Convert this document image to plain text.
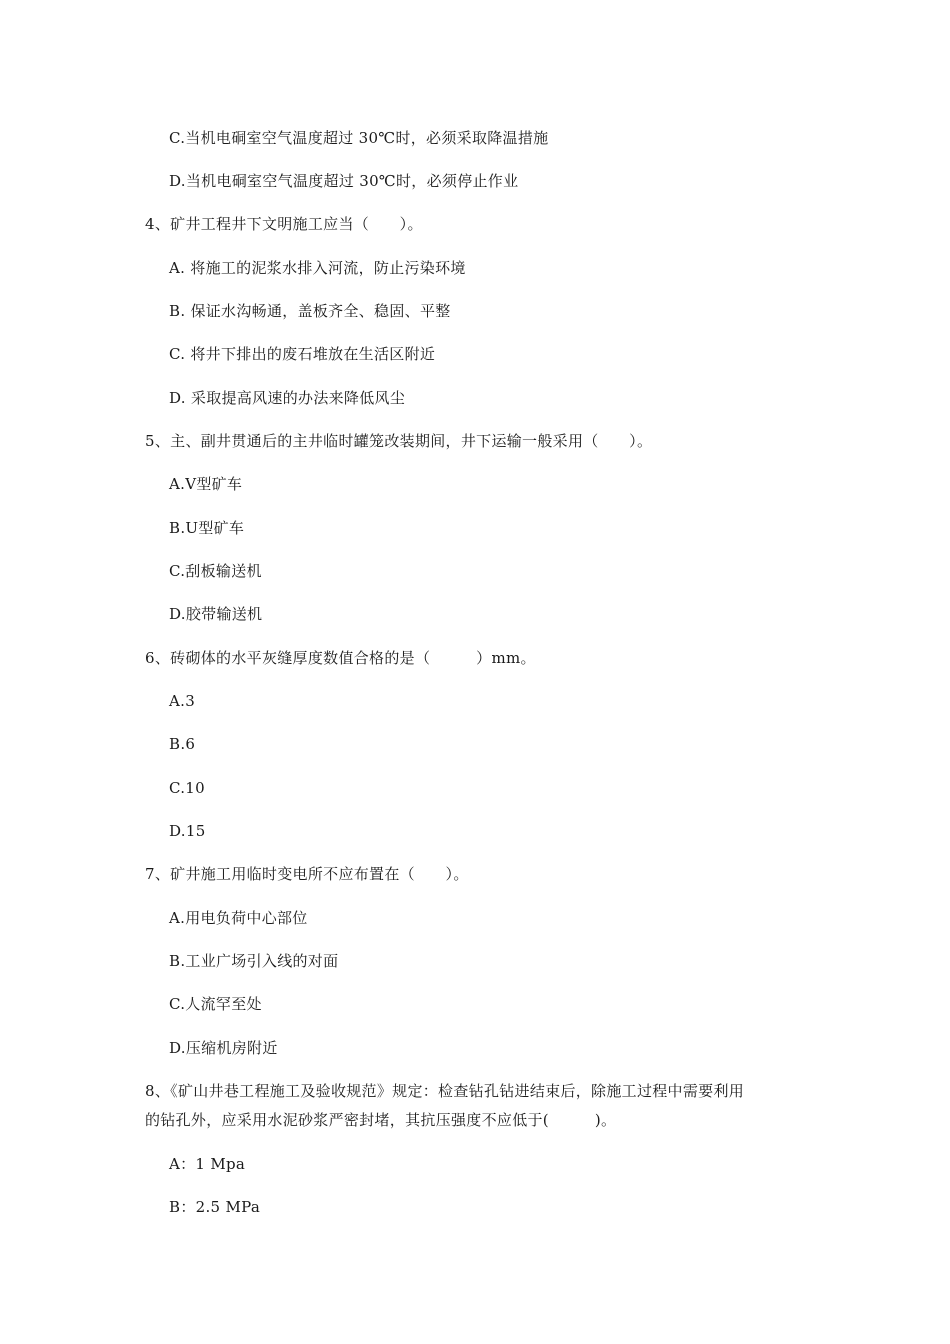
C.当机电硐室空气温度超过 30℃时，必须采取降温措施
D.当机电硐室空气温度超过 30℃时，必须停止作业
4、矿井工程井下文明施工应当（　　）。
A. 将施工的泥浆水排入河流，防止污染环境
B. 保证水沟畅通，盖板齐全、稳固、平整
C. 将井下排出的废石堆放在生活区附近
D. 采取提高风速的办法来降低风尘
5、主、副井贯通后的主井临时罐笼改装期间，井下运输一般采用（　　）。
A.V型矿车
B.U型矿车
C.刮板输送机
D.胶带输送机
6、砖砌体的水平灰缝厚度数值合格的是（　　　）mm。
A.3
B.6
C.10
D.15
7、矿井施工用临时变电所不应布置在（　　）。
A.用电负荷中心部位
B.工业广场引入线的对面
C.人流罕至处
D.压缩机房附近
8、《矿山井巷工程施工及验收规范》规定：检查钻孔钻进结束后，除施工过程中需要利用
的钻孔外，应采用水泥砂浆严密封堵，其抗压强度不应低于(　　　)。
A：1 Mpa
B：2.5 MPa
